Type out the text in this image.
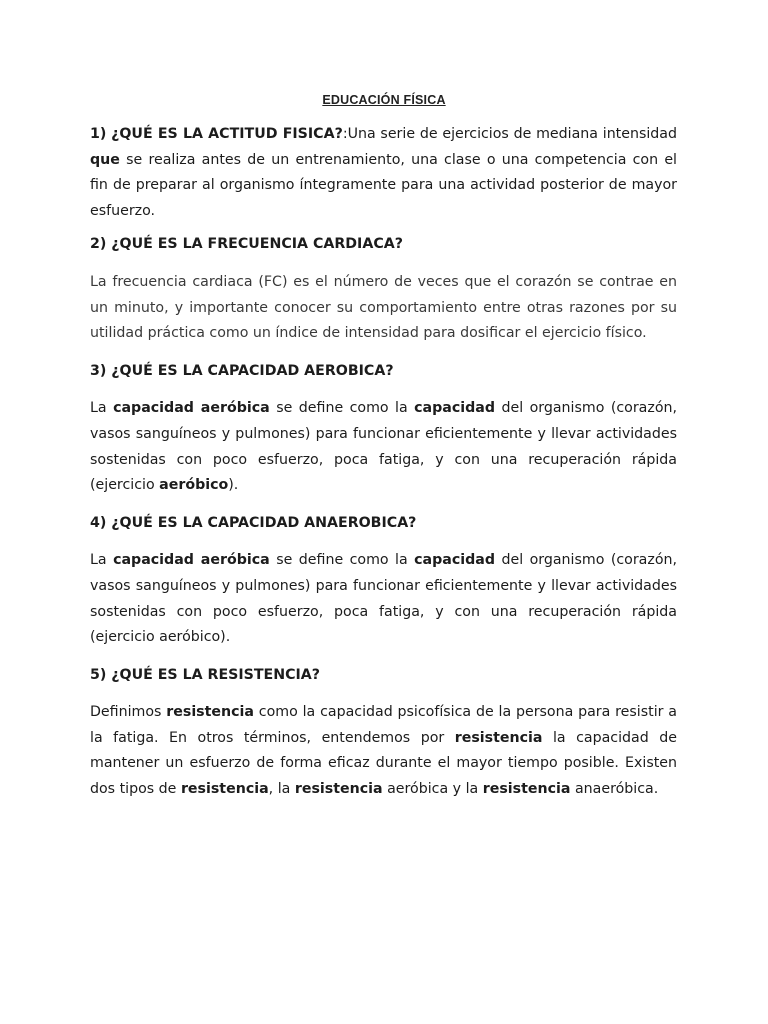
EDUCACIÓN FÍSICA

1) ¿QUÉ ES LA ACTITUD FISICA?:Una serie de ejercicios de mediana intensidad que se realiza antes de un entrenamiento, una clase o una competencia con el fin de preparar al organismo íntegramente para una actividad posterior de mayor esfuerzo.

2) ¿QUÉ ES LA FRECUENCIA CARDIACA?

La frecuencia cardiaca (FC) es el número de veces que el corazón se contrae en un minuto, y importante conocer su comportamiento entre otras razones por su utilidad práctica como un índice de intensidad para dosificar el ejercicio físico.

3) ¿QUÉ ES LA CAPACIDAD AEROBICA?

La capacidad aeróbica se define como la capacidad del organismo (corazón, vasos sanguíneos y pulmones) para funcionar eficientemente y llevar actividades sostenidas con poco esfuerzo, poca fatiga, y con una recuperación rápida (ejercicio aeróbico).

4) ¿QUÉ ES LA CAPACIDAD ANAEROBICA?

La capacidad aeróbica se define como la capacidad del organismo (corazón, vasos sanguíneos y pulmones) para funcionar eficientemente y llevar actividades sostenidas con poco esfuerzo, poca fatiga, y con una recuperación rápida (ejercicio aeróbico).

5) ¿QUÉ ES LA RESISTENCIA?

Definimos resistencia como la capacidad psicofísica de la persona para resistir a la fatiga. En otros términos, entendemos por resistencia la capacidad de mantener un esfuerzo de forma eficaz durante el mayor tiempo posible. Existen dos tipos de resistencia, la resistencia aeróbica y la resistencia anaeróbica.
